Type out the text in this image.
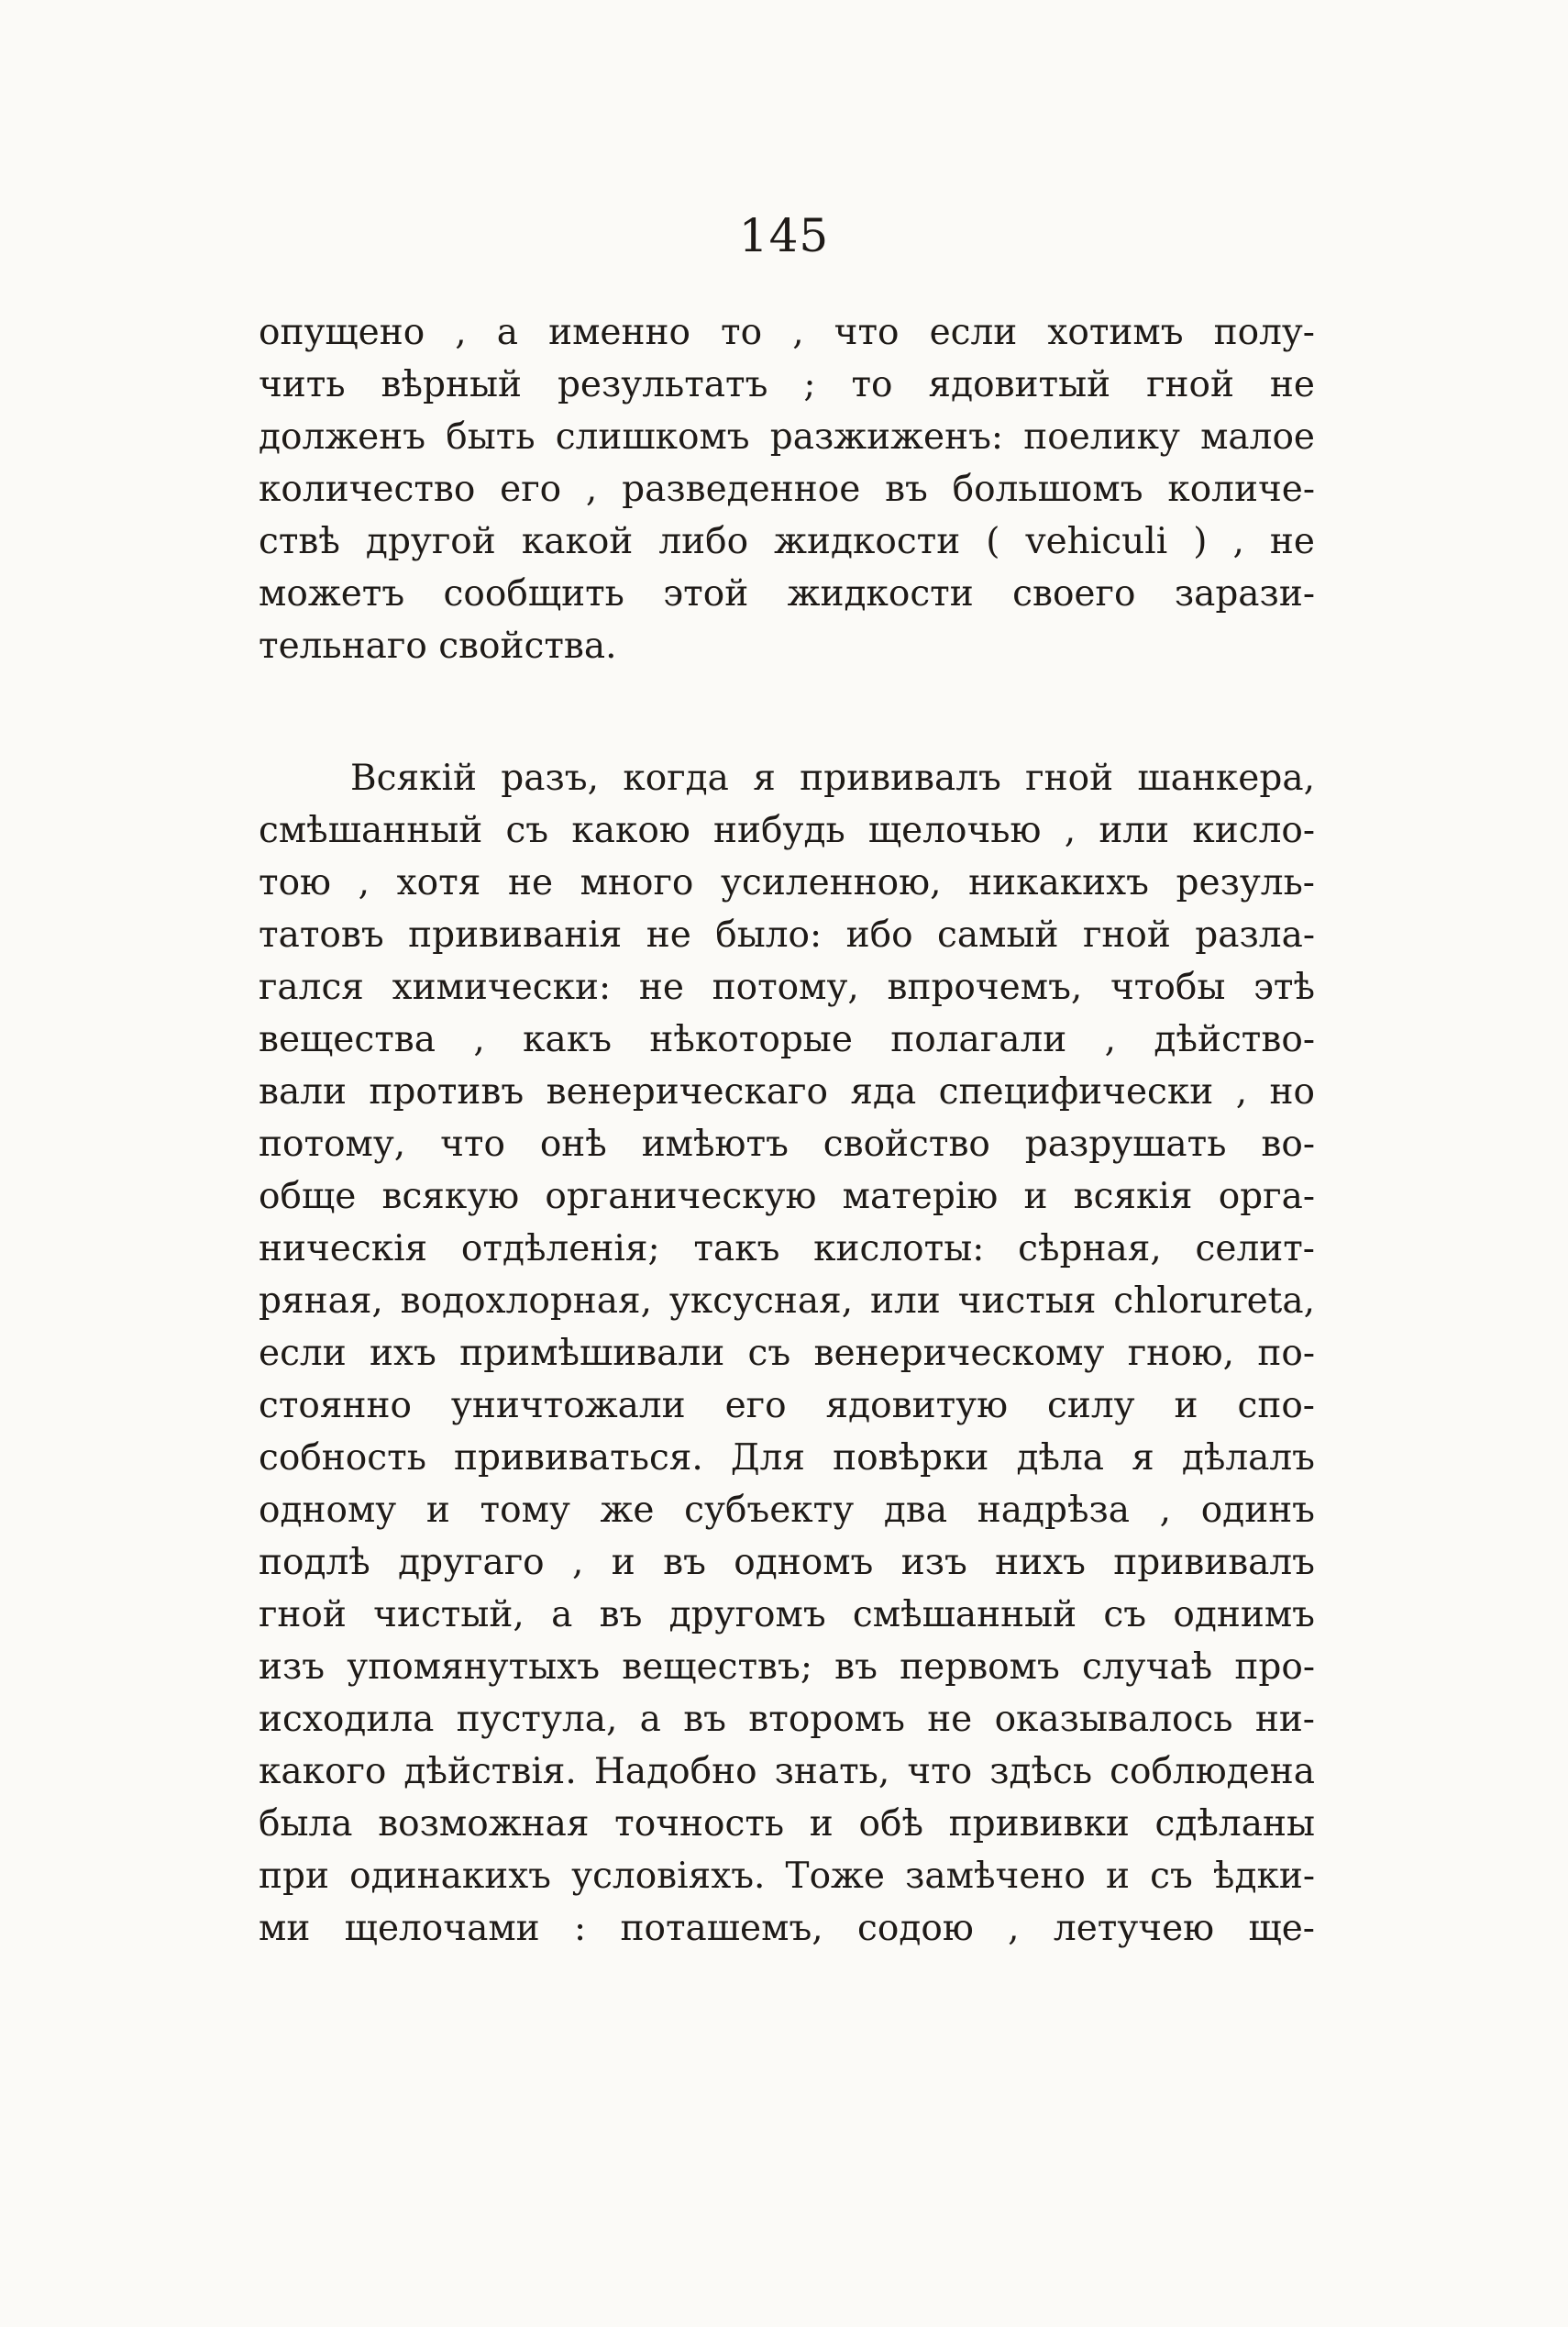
145
опущено , а именно то , что если хотимъ полу-
чить вѣрный результатъ ; то ядовитый гной не
долженъ быть слишкомъ разжиженъ: поелику малое
количество его , разведенное въ большомъ количе-
ствѣ другой какой либо жидкости ( vehiculi ) , не
можетъ сообщить этой жидкости своего зарази-
тельнаго свойства.
Всякій разъ, когда я прививалъ гной шанкера,
смѣшанный съ какою нибудь щелочью , или кисло-
тою , хотя не много усиленною, никакихъ резуль-
татовъ прививанія не было: ибо самый гной разла-
гался химически: не потому, впрочемъ, чтобы этѣ
вещества , какъ нѣкоторые полагали , дѣйство-
вали противъ венерическаго яда специфически , но
потому, что онѣ имѣютъ свойство разрушать во-
обще всякую органическую матерію и всякія орга-
ническія отдѣленія; такъ кислоты: сѣрная, селит-
ряная, водохлорная, уксусная, или чистыя chlorureta,
если ихъ примѣшивали съ венерическому гною, по-
стоянно уничтожали его ядовитую силу и спо-
собность прививаться. Для повѣрки дѣла я дѣлалъ
одному и тому же субъекту два надрѣза , одинъ
подлѣ другаго , и въ одномъ изъ нихъ прививалъ
гной чистый, а въ другомъ смѣшанный съ однимъ
изъ упомянутыхъ веществъ; въ первомъ случаѣ про-
исходила пустула, а въ второмъ не оказывалось ни-
какого дѣйствія. Надобно знать, что здѣсь соблюдена
была возможная точность и обѣ прививки сдѣланы
при одинакихъ условіяхъ. Тоже замѣчено и съ ѣдки-
ми щелочами : поташемъ, содою , летучею ще-
